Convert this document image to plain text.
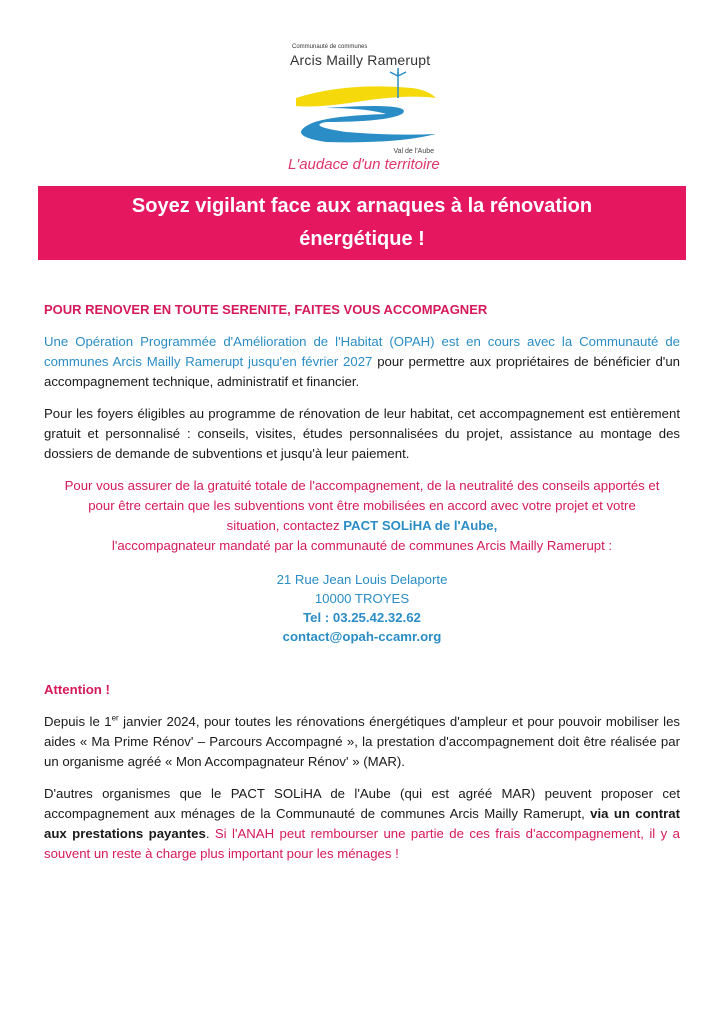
Communauté de communes
Arcis Mailly Ramerupt
Val de l'Aube
L'audace d'un territoire
Soyez vigilant face aux arnaques à la rénovation
énergétique !
POUR RENOVER EN TOUTE SERENITE, FAITES VOUS ACCOMPAGNER

Une Opération Programmée d'Amélioration de l'Habitat (OPAH) est en cours avec la Communauté de communes Arcis Mailly Ramerupt jusqu'en février 2027 pour permettre aux propriétaires de bénéficier d'un accompagnement technique, administratif et financier.

Pour les foyers éligibles au programme de rénovation de leur habitat, cet accompagnement est entièrement gratuit et personnalisé : conseils, visites, études personnalisées du projet, assistance au montage des dossiers de demande de subventions et jusqu'à leur paiement.

Pour vous assurer de la gratuité totale de l'accompagnement, de la neutralité des conseils apportés et
pour être certain que les subventions vont être mobilisées en accord avec votre projet et votre
situation, contactez PACT SOLiHA de l'Aube,
l'accompagnateur mandaté par la communauté de communes Arcis Mailly Ramerupt :
21 Rue Jean Louis Delaporte
10000 TROYES
Tel : 03.25.42.32.62
contact@opah-ccamr.org
Attention !

Depuis le 1er janvier 2024, pour toutes les rénovations énergétiques d'ampleur et pour pouvoir mobiliser les aides « Ma Prime Rénov' – Parcours Accompagné », la prestation d'accompagnement doit être réalisée par un organisme agréé « Mon Accompagnateur Rénov' » (MAR).

D'autres organismes que le PACT SOLiHA de l'Aube (qui est agréé MAR) peuvent proposer cet accompagnement aux ménages de la Communauté de communes Arcis Mailly Ramerupt, via un contrat aux prestations payantes. Si l'ANAH peut rembourser une partie de ces frais d'accompagnement, il y a souvent un reste à charge plus important pour les ménages !
